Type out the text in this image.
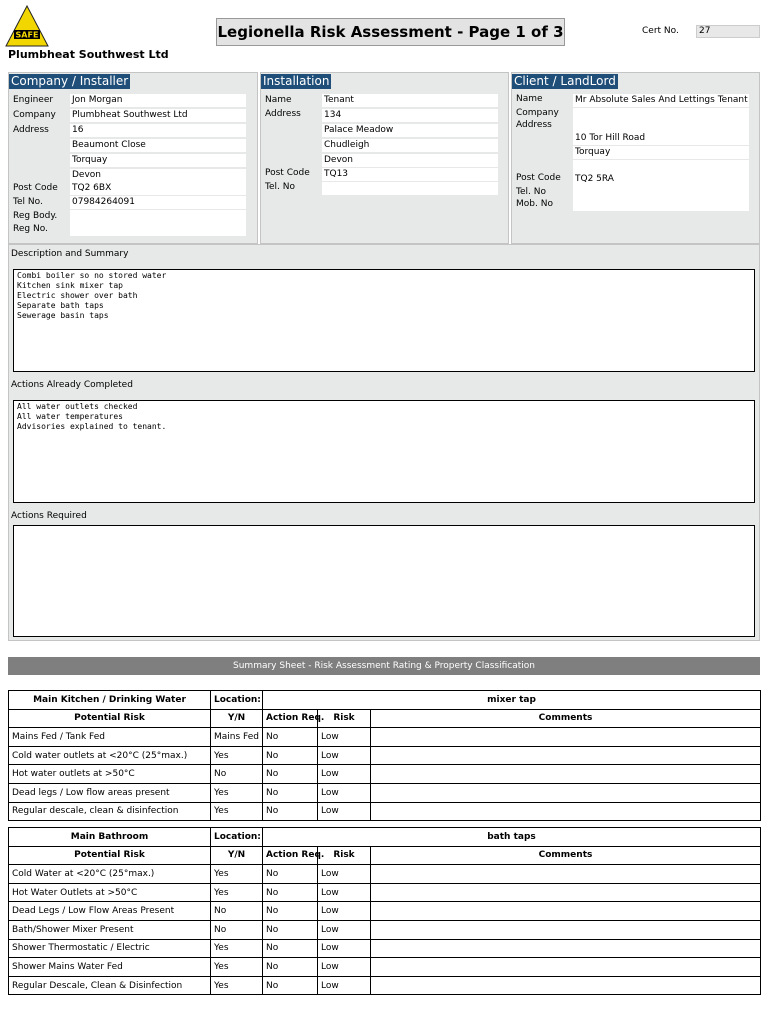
SAFE
Plumbheat Southwest Ltd
Legionella Risk Assessment - Page 1 of 3	Cert No.	27
Company / Installer
Engineer Jon Morgan
Company Plumbheat Southwest Ltd
Address	16
Beaumont Close
Torquay
Devon
Post Code TQ2 6BX
Tel No.	07984264091
Reg Body.
Reg No.
Installation
Name	Tenant
Address	134
Palace Meadow
Chudleigh
Devon
Post Code TQ13
Tel. No
Client / LandLord
Name	Mr Absolute Sales And Lettings Tenant
Company
Address
10 Tor Hill Road
Torquay
Post Code TQ2 5RA
Tel. No
Mob. No
Description and Summary
Combi boiler so no stored water
Kitchen sink mixer tap
Electric shower over bath
Separate bath taps
Sewerage basin taps
Actions Already Completed
All water outlets checked
All water temperatures
Advisories explained to tenant.
Actions Required
Summary Sheet - Risk Assessment Rating & Property Classification
Main Kitchen / Drinking Water	Location:	mixer tap		
Potential Risk	Y/N	Action Req.	Risk	Comments
Mains Fed / Tank Fed	Mains Fed	No	Low	
Cold water outlets at <20°C (25°max.)	Yes	No	Low	
Hot water outlets at >50°C	No	No	Low	
Dead legs / Low flow areas present	Yes	No	Low	
Regular descale, clean & disinfection	Yes	No	Low	
Main Bathroom	Location:	bath taps		
Potential Risk	Y/N	Action Req.	Risk	Comments
Cold Water at <20°C (25°max.)	Yes	No	Low	
Hot Water Outlets at >50°C	Yes	No	Low	
Dead Legs / Low Flow Areas Present	No	No	Low	
Bath/Shower Mixer Present	No	No	Low	
Shower Thermostatic / Electric	Yes	No	Low	
Shower Mains Water Fed	Yes	No	Low	
Regular Descale, Clean & Disinfection	Yes	No	Low	
